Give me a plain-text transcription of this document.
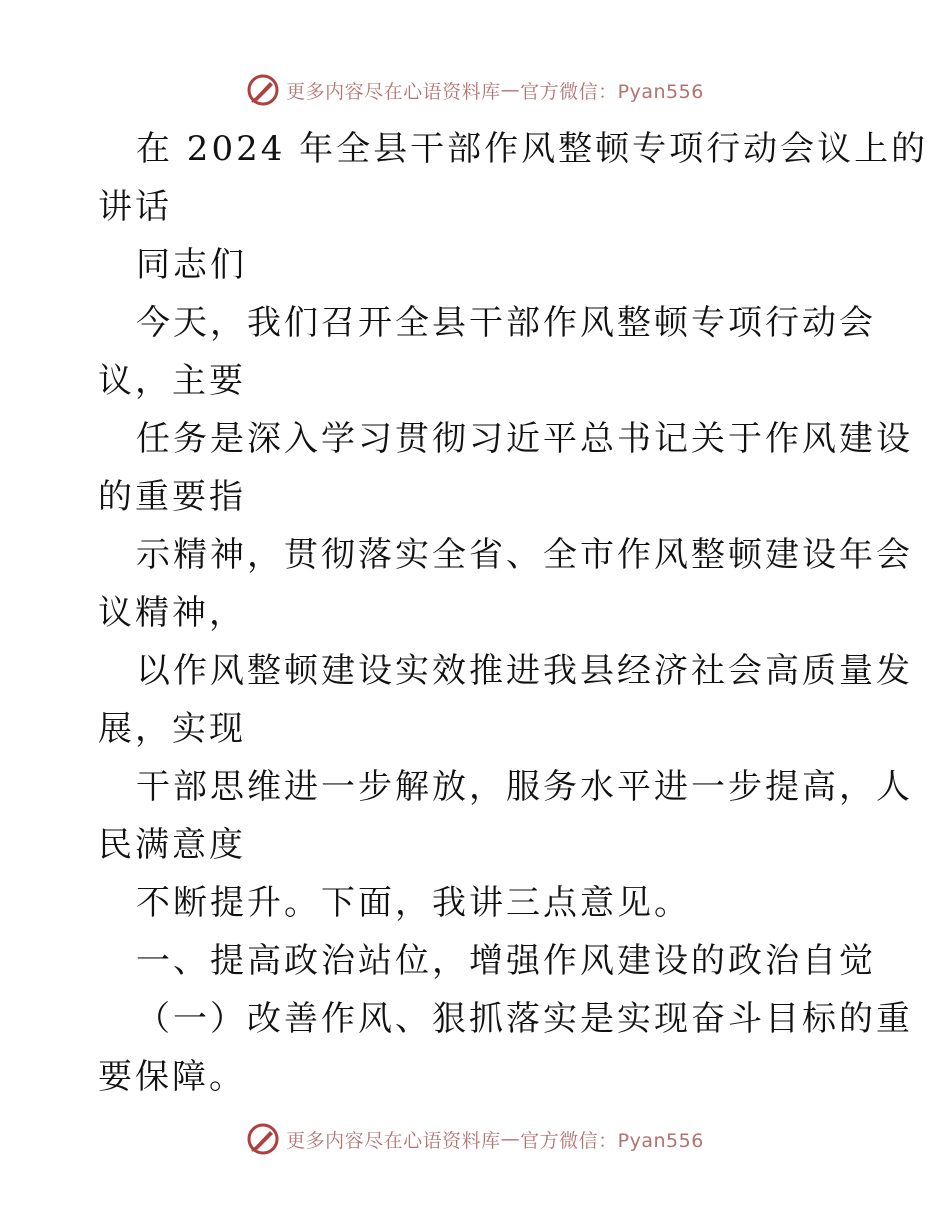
更多内容尽在心语资料库 — 官方微信：Pyan556
在 2024 年全县干部作风整顿专项行动会议上的
讲话
同志们
今天，我们召开全县干部作风整顿专项行动会
议，主要
任务是深入学习贯彻习近平总书记关于作风建设
的重要指
示精神，贯彻落实全省、全市作风整顿建设年会
议精神，
以作风整顿建设实效推进我县经济社会高质量发
展，实现
干部思维进一步解放，服务水平进一步提高，人
民满意度
不断提升。下面，我讲三点意见。
一、提高政治站位，增强作风建设的政治自觉
（一）改善作风、狠抓落实是实现奋斗目标的重
要保障。
更多内容尽在心语资料库 — 官方微信：Pyan556
